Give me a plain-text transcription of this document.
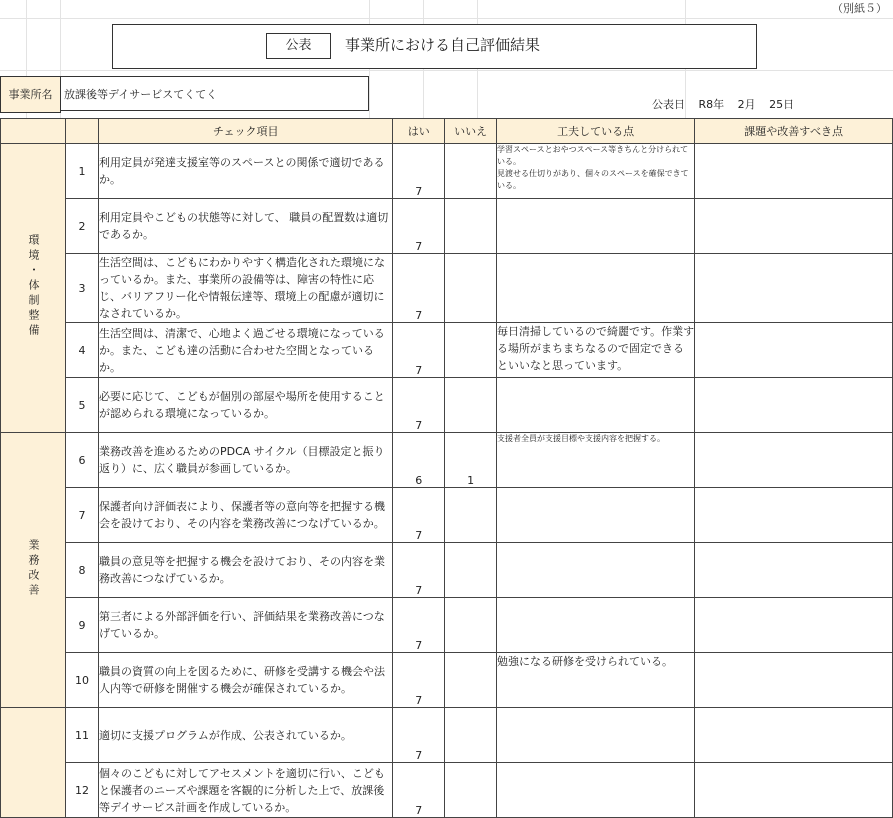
（別紙５）
公表	事業所における自己評価結果
事業所名	放課後等デイサービスてくてく
公表日 R8年 2月 25日
		チェック項目	はい	いいえ	工夫している点	課題や改善すべき点
環境・体制整備	1	利用定員が発達支援室等のスペースとの関係で適切であるか。	7		学習スペースとおやつスペース等きちんと分けられている。
見渡せる仕切りがあり、個々のスペースを確保できている。	

	2	利用定員やこどもの状態等に対して、 職員の配置数は適切であるか。	7			
	3	生活空間は、こどもにわかりやすく構造化された環境になっているか。また、事業所の設備等は、障害の特性に応じ、バリアフリー化や情報伝達等、環境上の配慮が適切になされているか。	7			
	4	生活空間は、清潔で、心地よく過ごせる環境になっているか。また、こども達の活動に合わせた空間となっているか。	7		毎日清掃しているので綺麗です。作業する場所がまちまちなるので固定できるといいなと思っています。	
	5	必要に応じて、こどもが個別の部屋や場所を使用することが認められる環境になっているか。	7			
業務改善	6	業務改善を進めるためのPDCA サイクル（目標設定と振り返り）に、広く職員が参画しているか。	6	1	支援者全員が支援目標や支援内容を把握する。	
	7	保護者向け評価表により、保護者等の意向等を把握する機会を設けており、その内容を業務改善につなげているか。	7			
	8	職員の意見等を把握する機会を設けており、その内容を業務改善につなげているか。	7			
	9	第三者による外部評価を行い、評価結果を業務改善につなげているか。	7			
	10	職員の資質の向上を図るために、研修を受講する機会や法人内等で研修を開催する機会が確保されているか。	7		勉強になる研修を受けられている。	
	11	適切に支援プログラムが作成、公表されているか。	7			
	12	個々のこどもに対してアセスメントを適切に行い、こどもと保護者のニーズや課題を客観的に分析した上で、放課後等デイサービス計画を作成しているか。	7			
